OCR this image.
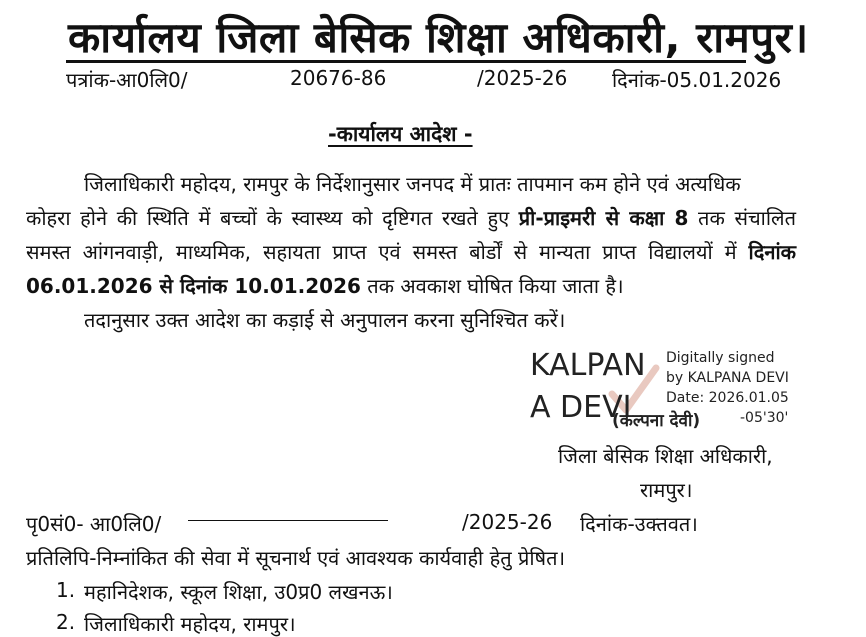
कार्यालय जिला बेसिक शिक्षा अधिकारी, रामपुर।
पत्रांक-आ0लि0/	20676-86	/2025-26 दिनांक-05.01.2026
-कार्यालय आदेश -
जिलाधिकारी महोदय, रामपुर के निर्देशानुसार जनपद में प्रातः तापमान कम होने एवं अत्यधिक
कोहरा होने की स्थिति में बच्चों के स्वास्थ्य को दृष्टिगत रखते हुए प्री-प्राइमरी से कक्षा 8 तक संचालित
समस्त आंगनवाड़ी, माध्यमिक, सहायता प्राप्त एवं समस्त बोर्डों से मान्यता प्राप्त विद्यालयों में दिनांक
06.01.2026 से दिनांक 10.01.2026 तक अवकाश घोषित किया जाता है।
तदानुसार उक्त आदेश का कड़ाई से अनुपालन करना सुनिश्चित करें।
KALPAN
A DEVI
Digitally signed
by KALPANA DEVI
Date: 2026.01.05
-05'30'
(कल्पना देवी)
जिला बेसिक शिक्षा अधिकारी,
रामपुर।
पृ0सं0- आ0लि0/	/2025-26 दिनांक-उक्तवत।
प्रतिलिपि-निम्नांकित की सेवा में सूचनार्थ एवं आवश्यक कार्यवाही हेतु प्रेषित।
1. महानिदेशक, स्कूल शिक्षा, उ0प्र0 लखनऊ।
2. जिलाधिकारी महोदय, रामपुर।
